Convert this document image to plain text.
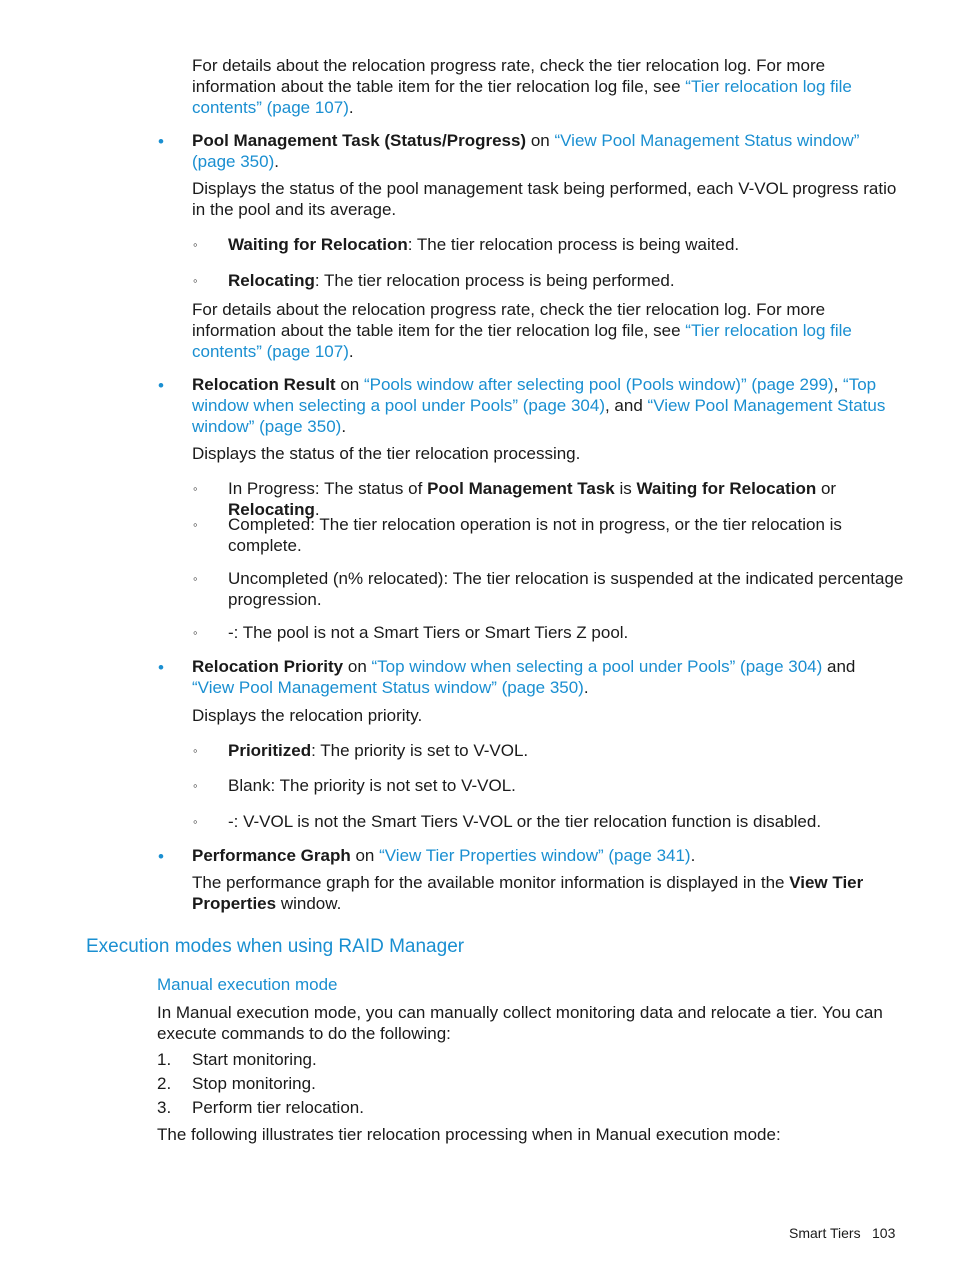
For details about the relocation progress rate, check the tier relocation log. For more information about the table item for the tier relocation log file, see “Tier relocation log file contents” (page 107).

• Pool Management Task (Status/Progress) on “View Pool Management Status window” (page 350).

Displays the status of the pool management task being performed, each V-VOL progress ratio in the pool and its average.

◦ Waiting for Relocation: The tier relocation process is being waited.

◦ Relocating: The tier relocation process is being performed.

For details about the relocation progress rate, check the tier relocation log. For more information about the table item for the tier relocation log file, see “Tier relocation log file contents” (page 107).

• Relocation Result on “Pools window after selecting pool (Pools window)” (page 299), “Top window when selecting a pool under Pools” (page 304), and “View Pool Management Status window” (page 350).

Displays the status of the tier relocation processing.

◦ In Progress: The status of Pool Management Task is Waiting for Relocation or Relocating.

◦ Completed: The tier relocation operation is not in progress, or the tier relocation is complete.

◦ Uncompleted (n% relocated): The tier relocation is suspended at the indicated percentage progression.

◦ -: The pool is not a Smart Tiers or Smart Tiers Z pool.

• Relocation Priority on “Top window when selecting a pool under Pools” (page 304) and “View Pool Management Status window” (page 350).

Displays the relocation priority.

◦ Prioritized: The priority is set to V-VOL.

◦ Blank: The priority is not set to V-VOL.

◦ -: V-VOL is not the Smart Tiers V-VOL or the tier relocation function is disabled.

• Performance Graph on “View Tier Properties window” (page 341).

The performance graph for the available monitor information is displayed in the View Tier Properties window.

Execution modes when using RAID Manager
Manual execution mode

In Manual execution mode, you can manually collect monitoring data and relocate a tier. You can execute commands to do the following:

1. Start monitoring.
2. Stop monitoring.
3. Perform tier relocation.

The following illustrates tier relocation processing when in Manual execution mode:

Smart Tiers 103
